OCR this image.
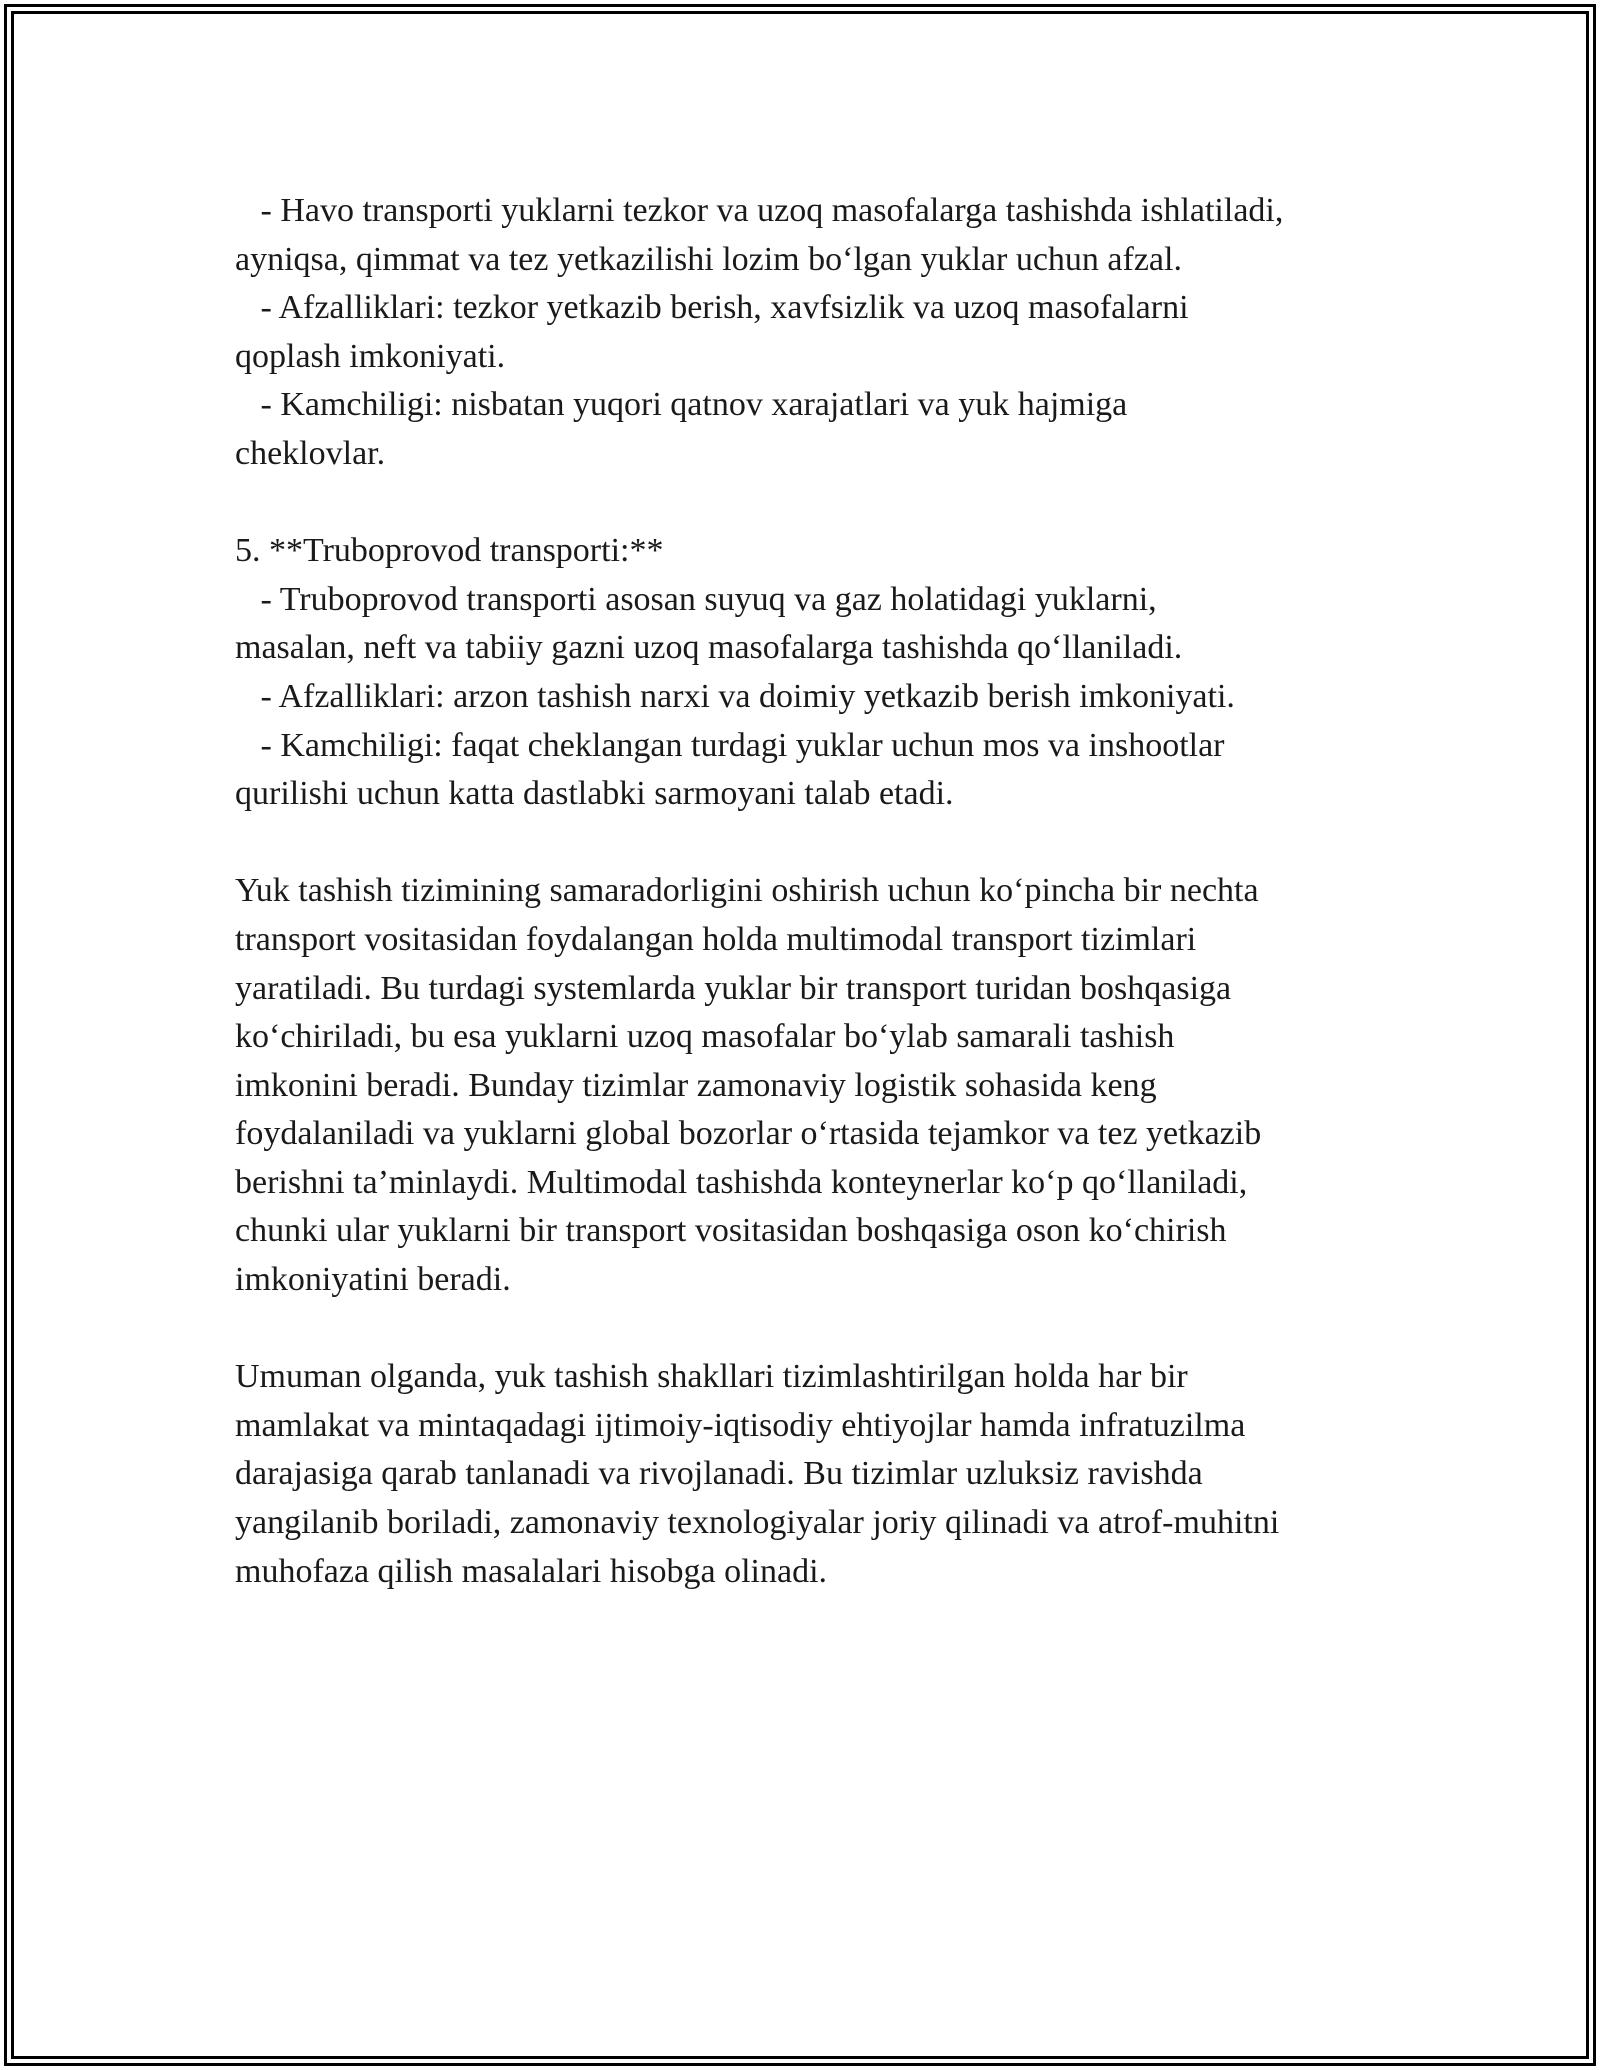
- Havo transporti yuklarni tezkor va uzoq masofalarga tashishda ishlatiladi,
ayniqsa, qimmat va tez yetkazilishi lozim bo‘lgan yuklar uchun afzal.
- Afzalliklari: tezkor yetkazib berish, xavfsizlik va uzoq masofalarni
qoplash imkoniyati.
- Kamchiligi: nisbatan yuqori qatnov xarajatlari va yuk hajmiga
cheklovlar.
5. **Truboprovod transporti:**
- Truboprovod transporti asosan suyuq va gaz holatidagi yuklarni,
masalan, neft va tabiiy gazni uzoq masofalarga tashishda qo‘llaniladi.
- Afzalliklari: arzon tashish narxi va doimiy yetkazib berish imkoniyati.
- Kamchiligi: faqat cheklangan turdagi yuklar uchun mos va inshootlar
qurilishi uchun katta dastlabki sarmoyani talab etadi.
Yuk tashish tizimining samaradorligini oshirish uchun ko‘pincha bir nechta
transport vositasidan foydalangan holda multimodal transport tizimlari
yaratiladi. Bu turdagi systemlarda yuklar bir transport turidan boshqasiga
ko‘chiriladi, bu esa yuklarni uzoq masofalar bo‘ylab samarali tashish
imkonini beradi. Bunday tizimlar zamonaviy logistik sohasida keng
foydalaniladi va yuklarni global bozorlar o‘rtasida tejamkor va tez yetkazib
berishni ta’minlaydi. Multimodal tashishda konteynerlar ko‘p qo‘llaniladi,
chunki ular yuklarni bir transport vositasidan boshqasiga oson ko‘chirish
imkoniyatini beradi.
Umuman olganda, yuk tashish shakllari tizimlashtirilgan holda har bir
mamlakat va mintaqadagi ijtimoiy-iqtisodiy ehtiyojlar hamda infratuzilma
darajasiga qarab tanlanadi va rivojlanadi. Bu tizimlar uzluksiz ravishda
yangilanib boriladi, zamonaviy texnologiyalar joriy qilinadi va atrof-muhitni
muhofaza qilish masalalari hisobga olinadi.
